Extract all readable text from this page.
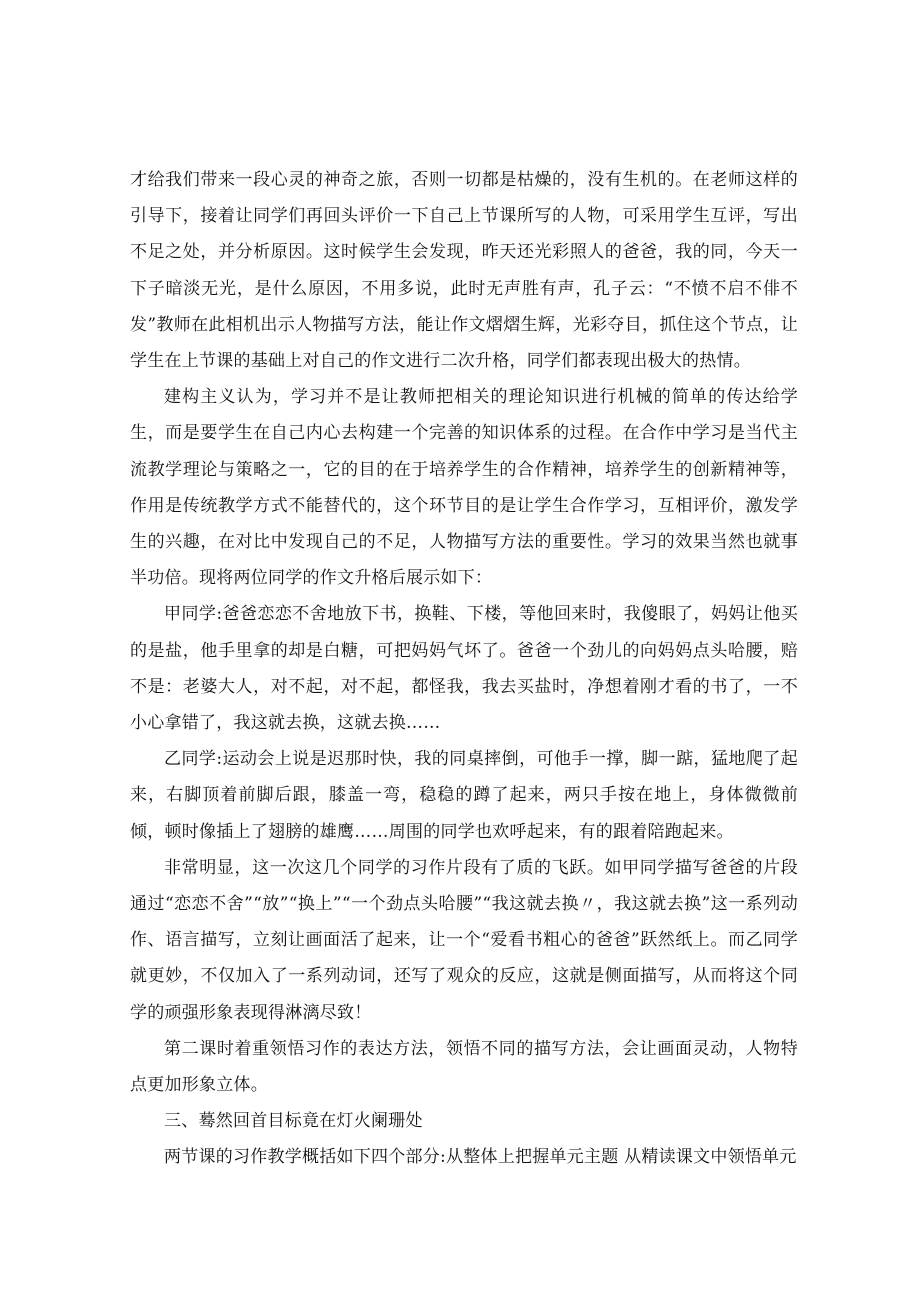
才给我们带来一段心灵的神奇之旅，否则一切都是枯燥的，没有生机的。在老师这样的引导下，接着让同学们再回头评价一下自己上节课所写的人物，可采用学生互评，写出不足之处，并分析原因。这时候学生会发现，昨天还光彩照人的爸爸，我的同，今天一下子暗淡无光，是什么原因，不用多说，此时无声胜有声，孔子云：“不愤不启不俳不发”教师在此相机出示人物描写方法，能让作文熠熠生辉，光彩夺目，抓住这个节点，让学生在上节课的基础上对自己的作文进行二次升格，同学们都表现出极大的热情。

建构主义认为，学习并不是让教师把相关的理论知识进行机械的简单的传达给学生，而是要学生在自己内心去构建一个完善的知识体系的过程。在合作中学习是当代主流教学理论与策略之一，它的目的在于培养学生的合作精神，培养学生的创新精神等，作用是传统教学方式不能替代的，这个环节目的是让学生合作学习，互相评价，激发学生的兴趣，在对比中发现自己的不足，人物描写方法的重要性。学习的效果当然也就事半功倍。现将两位同学的作文升格后展示如下：

甲同学:爸爸恋恋不舍地放下书，换鞋、下楼，等他回来时，我傻眼了，妈妈让他买的是盐，他手里拿的却是白糖，可把妈妈气坏了。爸爸一个劲儿的向妈妈点头哈腰，赔不是：老婆大人，对不起，对不起，都怪我，我去买盐时，净想着刚才看的书了，一不小心拿错了，我这就去换，这就去换……

乙同学:运动会上说是迟那时快，我的同桌摔倒，可他手一撑，脚一踮，猛地爬了起来，右脚顶着前脚后跟，膝盖一弯，稳稳的蹲了起来，两只手按在地上，身体微微前倾，顿时像插上了翅膀的雄鹰……周围的同学也欢呼起来，有的跟着陪跑起来。

非常明显，这一次这几个同学的习作片段有了质的飞跃。如甲同学描写爸爸的片段通过“恋恋不舍”“放”“换上”“一个劲点头哈腰”“我这就去换〃，我这就去换”这一系列动作、语言描写，立刻让画面活了起来，让一个“爱看书粗心的爸爸”跃然纸上。而乙同学就更妙，不仅加入了一系列动词，还写了观众的反应，这就是侧面描写，从而将这个同学的顽强形象表现得淋漓尽致！

第二课时着重领悟习作的表达方法，领悟不同的描写方法，会让画面灵动，人物特点更加形象立体。

三、蓦然回首目标竟在灯火阑珊处

两节课的习作教学概括如下四个部分:从整体上把握单元主题 从精读课文中领悟单元
